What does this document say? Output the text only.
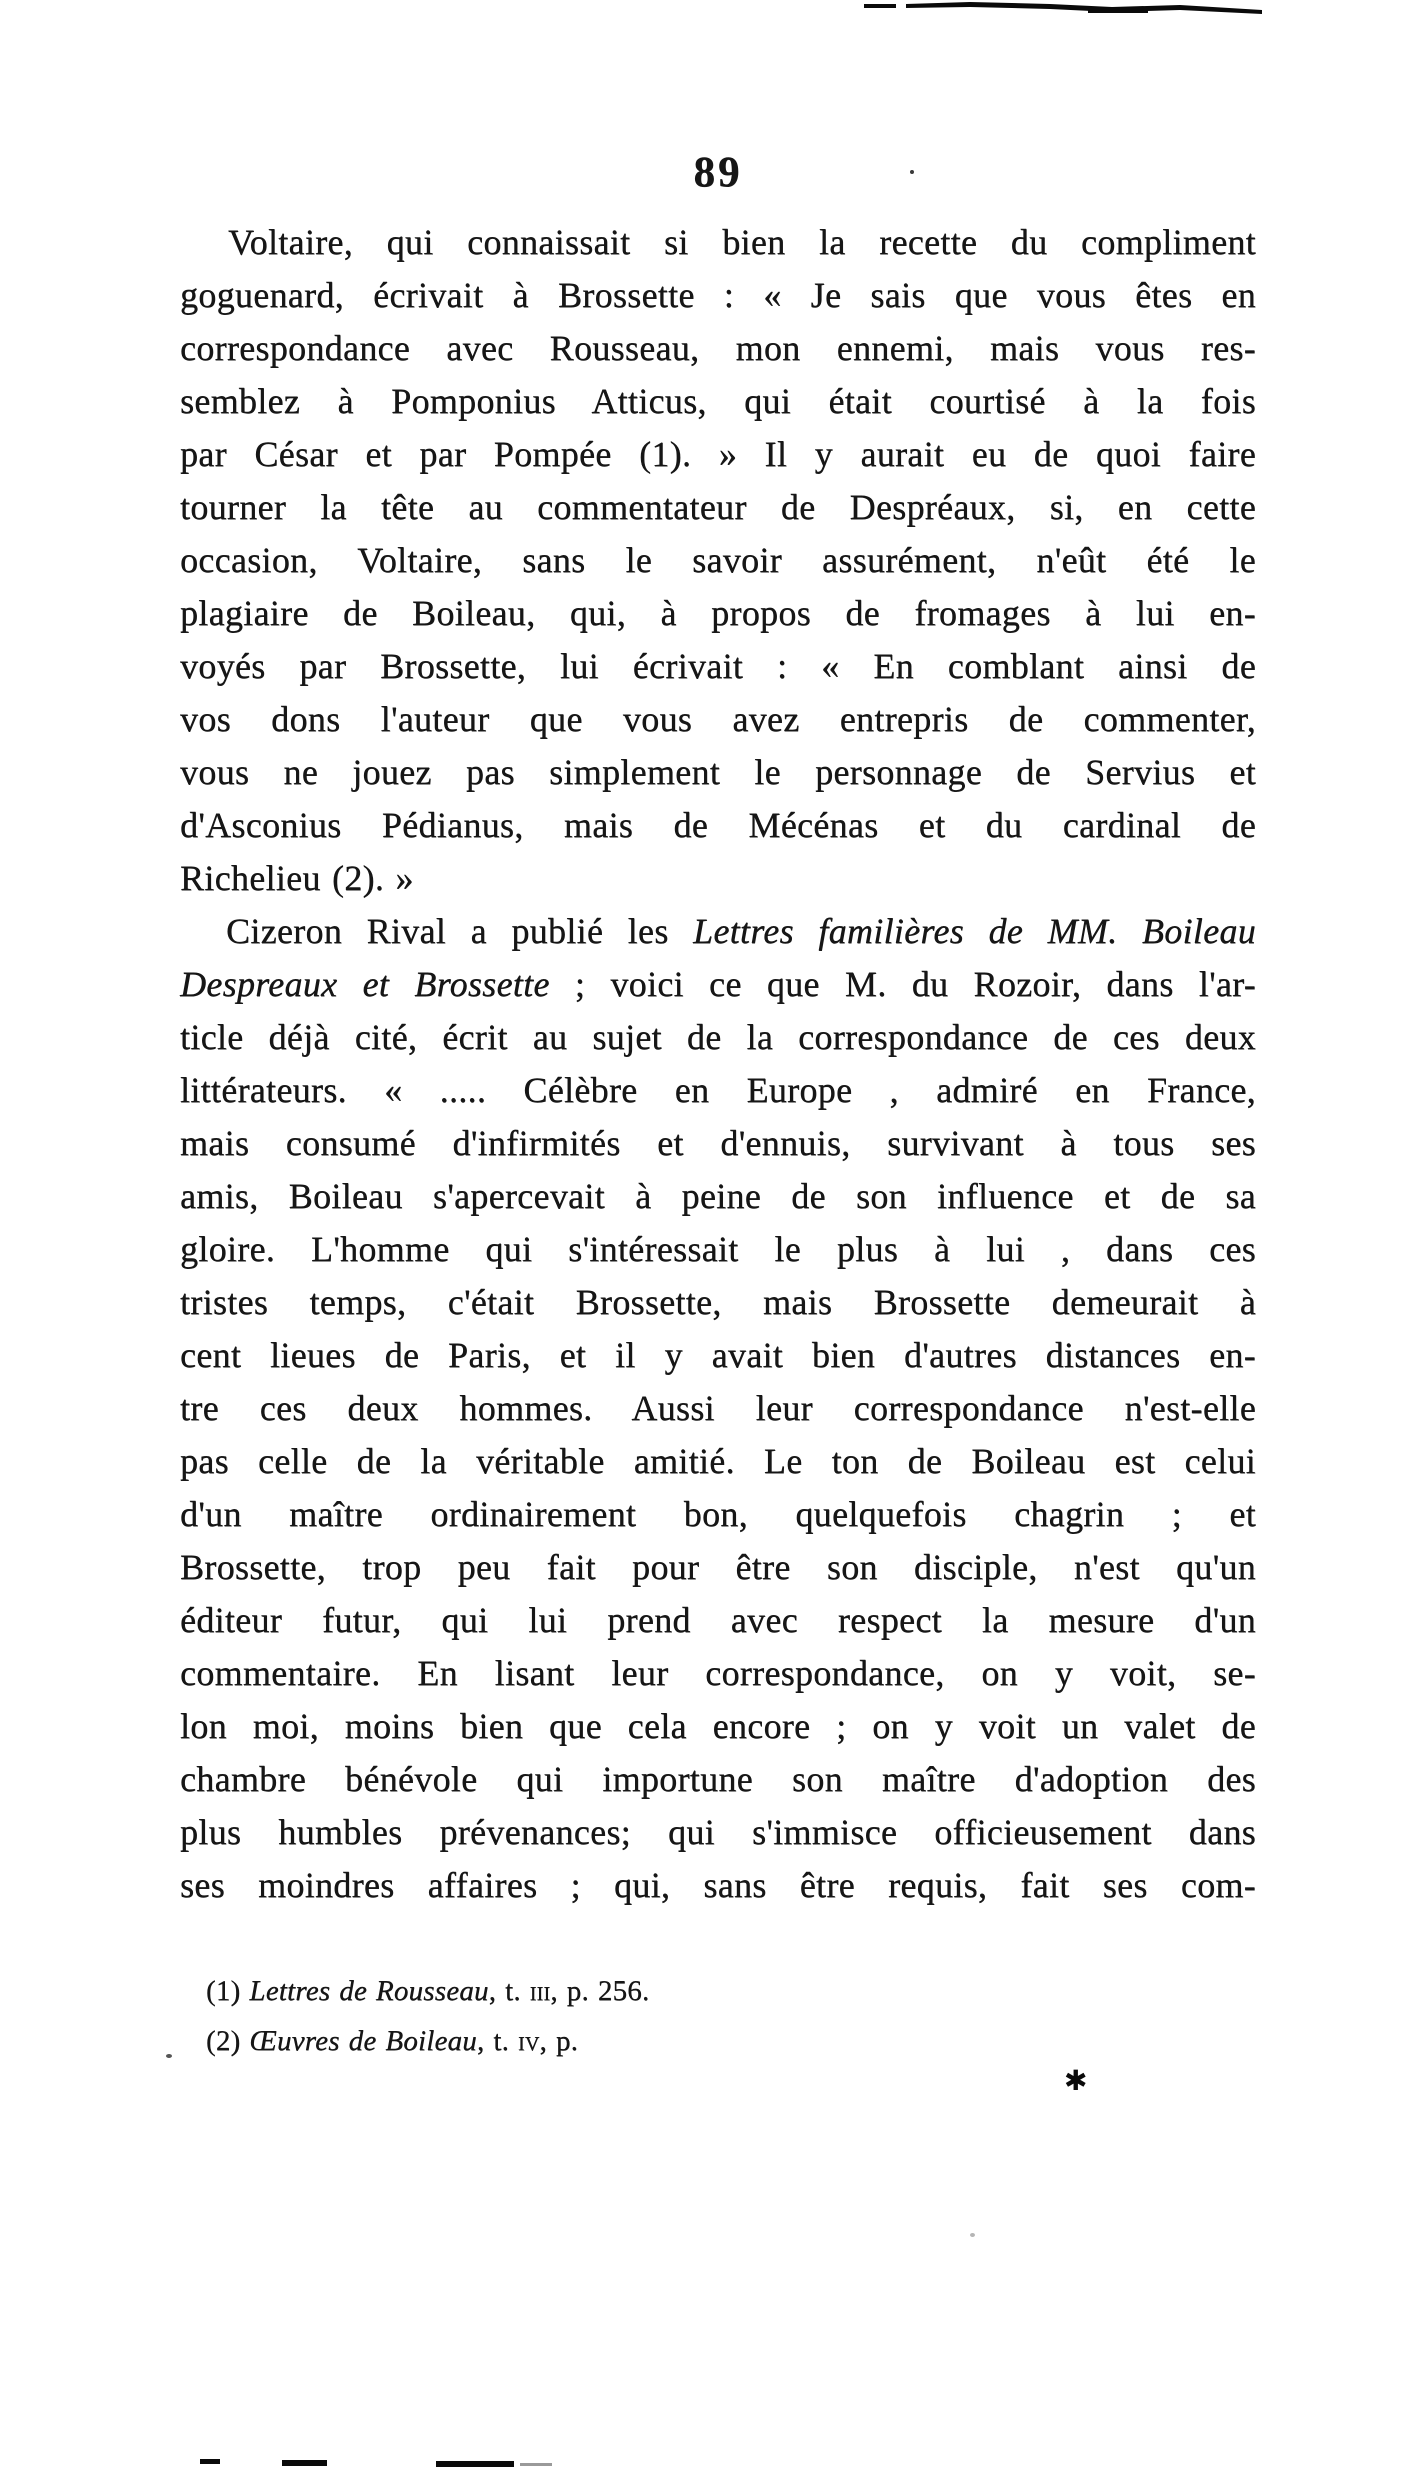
89
Voltaire, qui connaissait si bien la recette du compliment
goguenard, écrivait à Brossette : « Je sais que vous êtes en
correspondance avec Rousseau, mon ennemi, mais vous res-
semblez à Pomponius Atticus, qui était courtisé à la fois
par César et par Pompée (1). » Il y aurait eu de quoi faire
tourner la tête au commentateur de Despréaux, si, en cette
occasion, Voltaire, sans le savoir assurément, n'eût été le
plagiaire de Boileau, qui, à propos de fromages à lui en-
voyés par Brossette, lui écrivait : « En comblant ainsi de
vos dons l'auteur que vous avez entrepris de commenter,
vous ne jouez pas simplement le personnage de Servius et
d'Asconius Pédianus, mais de Mécénas et du cardinal de
Richelieu (2). »
Cizeron Rival a publié les Lettres familières de MM. Boileau
Despreaux et Brossette ; voici ce que M. du Rozoir, dans l'ar-
ticle déjà cité, écrit au sujet de la correspondance de ces deux
littérateurs. « ..... Célèbre en Europe , admiré en France,
mais consumé d'infirmités et d'ennuis, survivant à tous ses
amis, Boileau s'apercevait à peine de son influence et de sa
gloire. L'homme qui s'intéressait le plus à lui , dans ces
tristes temps, c'était Brossette, mais Brossette demeurait à
cent lieues de Paris, et il y avait bien d'autres distances en-
tre ces deux hommes. Aussi leur correspondance n'est-elle
pas celle de la véritable amitié. Le ton de Boileau est celui
d'un maître ordinairement bon, quelquefois chagrin ; et
Brossette, trop peu fait pour être son disciple, n'est qu'un
éditeur futur, qui lui prend avec respect la mesure d'un
commentaire. En lisant leur correspondance, on y voit, se-
lon moi, moins bien que cela encore ; on y voit un valet de
chambre bénévole qui importune son maître d'adoption des
plus humbles prévenances; qui s'immisce officieusement dans
ses moindres affaires ; qui, sans être requis, fait ses com-
(1) Lettres de Rousseau, t. iii, p. 256.
(2) Œuvres de Boileau, t. iv, p.
✱
